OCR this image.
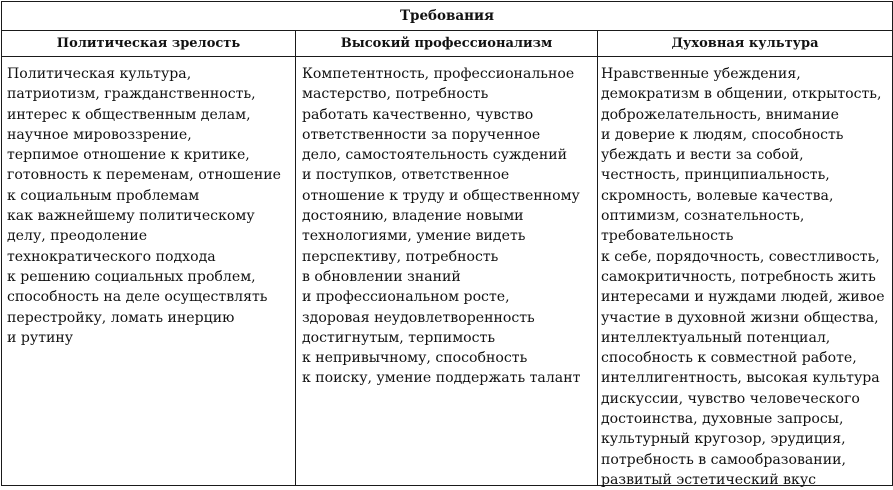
Требования
Политическая зрелость	Высокий профессионализм	Духовная культура
Политическая культура,
патриотизм, гражданственность,
интерес к общественным делам,
научное мировоззрение,
терпимое отношение к критике,
готовность к переменам, отношение
к социальным проблемам
как важнейшему политическому
делу, преодоление
технократического подхода
к решению социальных проблем,
способность на деле осуществлять
перестройку, ломать инерцию
и рутину
Компетентность, профессиональное
мастерство, потребность
работать качественно, чувство
ответственности за порученное
дело, самостоятельность суждений
и поступков, ответственное
отношение к труду и общественному
достоянию, владение новыми
технологиями, умение видеть
перспективу, потребность
в обновлении знаний
и профессиональном росте,
здоровая неудовлетворенность
достигнутым, терпимость
к непривычному, способность
к поиску, умение поддержать талант
Нравственные убеждения,
демократизм в общении, открытость,
доброжелательность, внимание
и доверие к людям, способность
убеждать и вести за собой,
честность, принципиальность,
скромность, волевые качества,
оптимизм, сознательность,
требовательность
к себе, порядочность, совестливость,
самокритичность, потребность жить
интересами и нуждами людей, живое
участие в духовной жизни общества,
интеллектуальный потенциал,
способность к совместной работе,
интеллигентность, высокая культура
дискуссии, чувство человеческого
достоинства, духовные запросы,
культурный кругозор, эрудиция,
потребность в самообразовании,
развитый эстетический вкус
